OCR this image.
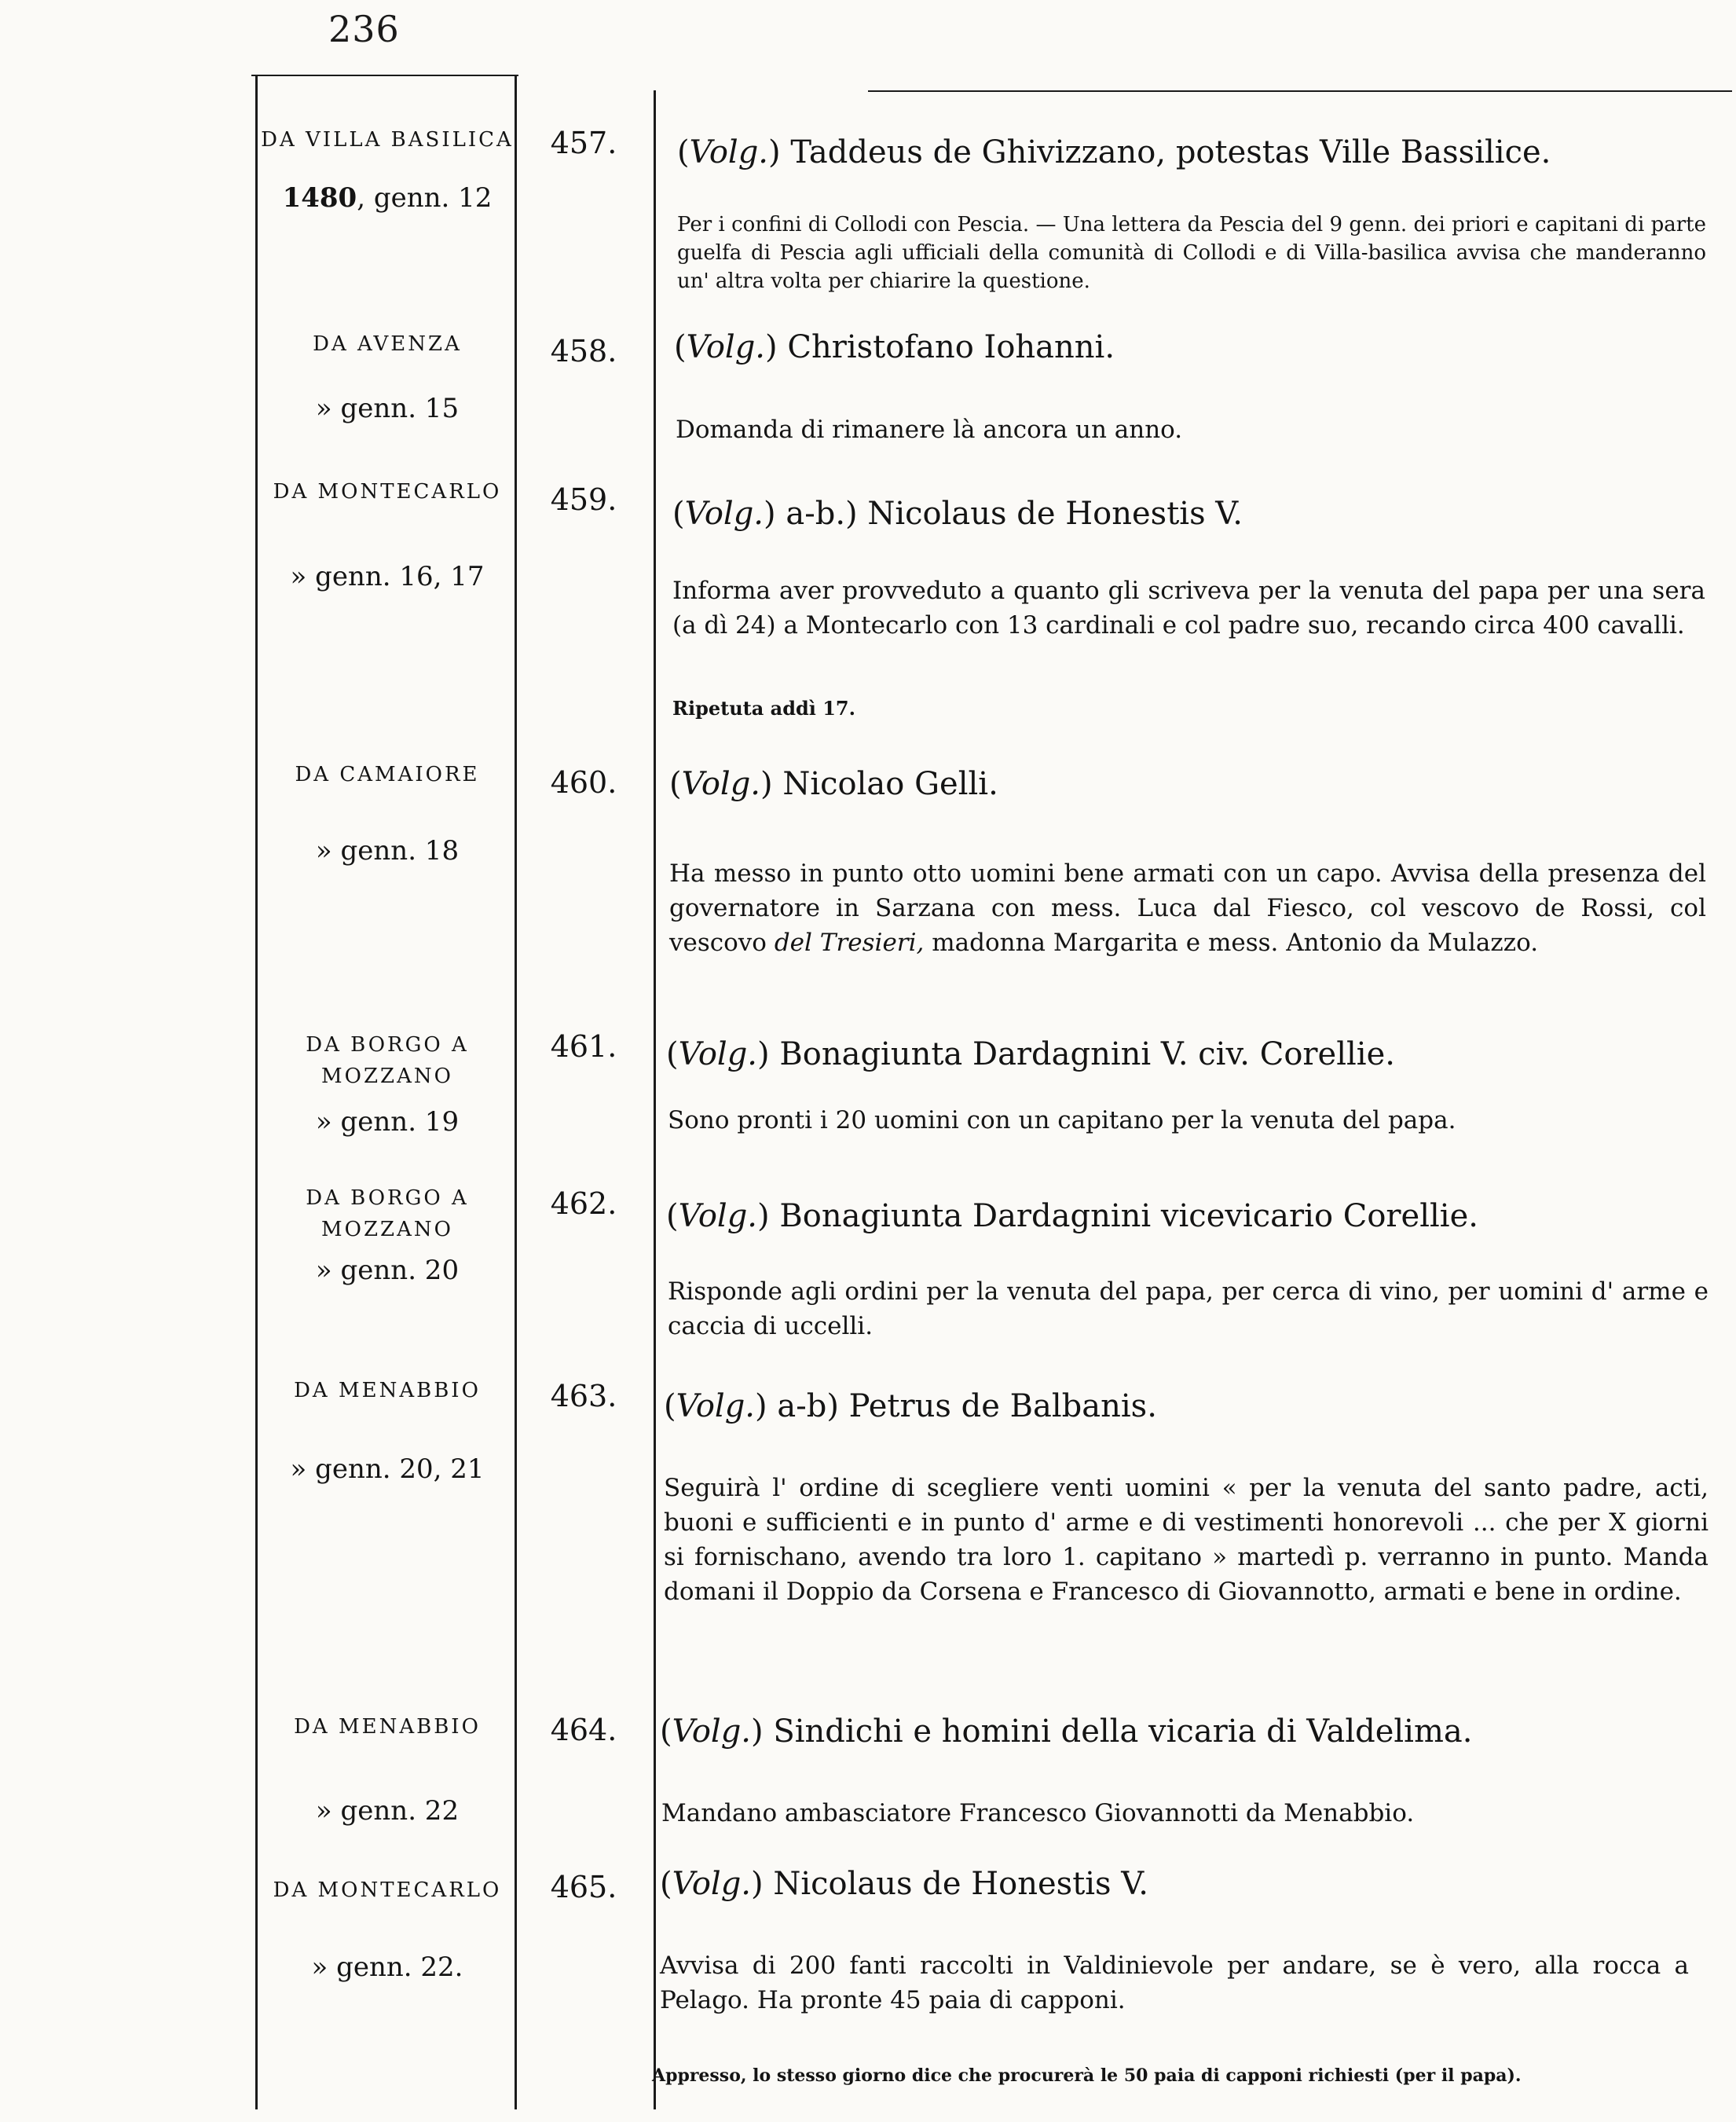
236
DA VILLA BASILICA
1480, genn. 12
457.	(Volg.) Taddeus de Ghivizzano, potestas Ville Bassilice.
Per i confini di Collodi con Pescia. — Una lettera da Pescia del 9 genn. dei priori e capitani di parte guelfa di Pescia agli ufficiali della comunità di Collodi e di Villa-basilica avvisa che manderanno un' altra volta per chiarire la questione.
DA AVENZA
» genn. 15
458.	(Volg.) Christofano Iohanni.
Domanda di rimanere là ancora un anno.
DA MONTECARLO
» genn. 16, 17
459.	(Volg.) a-b.) Nicolaus de Honestis V.
Informa aver provveduto a quanto gli scriveva per la venuta del papa per una sera (a dì 24) a Montecarlo con 13 cardinali e col padre suo, recando circa 400 cavalli.
Ripetuta addì 17.
DA CAMAIORE
» genn. 18
460.	(Volg.) Nicolao Gelli.
Ha messo in punto otto uomini bene armati con un capo. Avvisa della presenza del governatore in Sarzana con mess. Luca dal Fiesco, col vescovo de Rossi, col vescovo del Tresieri, madonna Margarita e mess. Antonio da Mulazzo.
DA BORGO A
MOZZANO
» genn. 19
461.	(Volg.) Bonagiunta Dardagnini V. civ. Corellie.
Sono pronti i 20 uomini con un capitano per la venuta del papa.
DA BORGO A
MOZZANO
» genn. 20
462.	(Volg.) Bonagiunta Dardagnini vicevicario Corellie.
Risponde agli ordini per la venuta del papa, per cerca di vino, per uomini d' arme e caccia di uccelli.
DA MENABBIO
» genn. 20, 21
463.	(Volg.) a-b) Petrus de Balbanis.
Seguirà l' ordine di scegliere venti uomini « per la venuta del santo padre, acti, buoni e sufficienti e in punto d' arme e di vestimenti honorevoli ... che per X giorni si fornischano, avendo tra loro 1. capitano » martedì p. verranno in punto. Manda domani il Doppio da Corsena e Francesco di Giovannotto, armati e bene in ordine.
DA MENABBIO
» genn. 22
464.	(Volg.) Sindichi e homini della vicaria di Valdelima.
Mandano ambasciatore Francesco Giovannotti da Menabbio.
DA MONTECARLO
» genn. 22.
465.	(Volg.) Nicolaus de Honestis V.
Avvisa di 200 fanti raccolti in Valdinievole per andare, se è vero, alla rocca a Pelago. Ha pronte 45 paia di capponi.
Appresso, lo stesso giorno dice che procurerà le 50 paia di capponi richiesti (per il papa).
